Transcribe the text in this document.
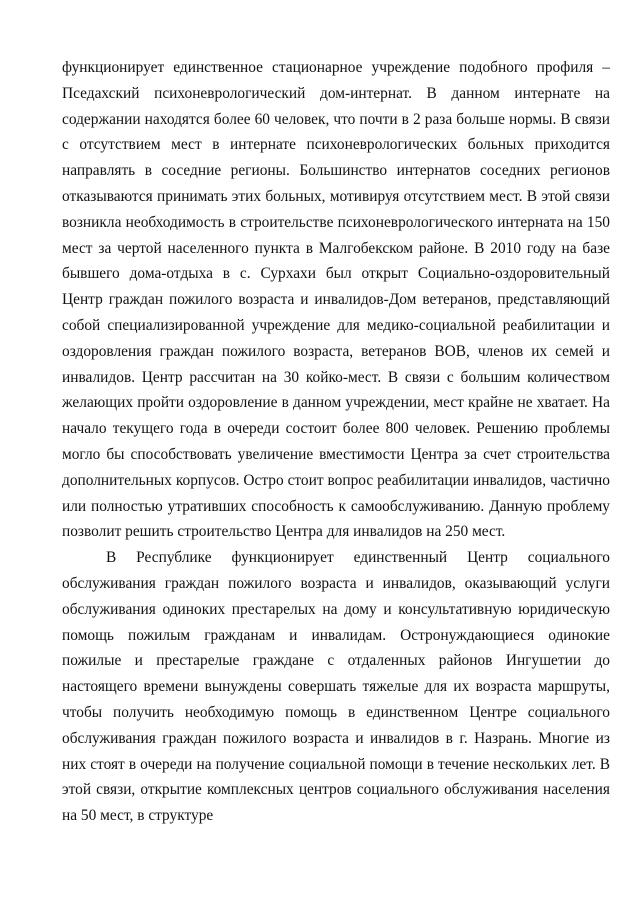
функционирует единственное стационарное учреждение подобного профиля – Пседахский психоневрологический дом-интернат. В данном интернате на содержании находятся более 60 человек, что почти в 2 раза больше нормы. В связи с отсутствием мест в интернате психоневрологических больных приходится направлять в соседние регионы. Большинство интернатов соседних регионов отказываются принимать этих больных, мотивируя отсутствием мест. В этой связи возникла необходимость в строительстве психоневрологического интерната на 150 мест за чертой населенного пункта в Малгобекском районе. В 2010 году на базе бывшего дома-отдыха в с. Сурхахи был открыт Социально-оздоровительный Центр граждан пожилого возраста и инвалидов-Дом ветеранов, представляющий собой специализированной учреждение для медико-социальной реабилитации и оздоровления граждан пожилого возраста, ветеранов ВОВ, членов их семей и инвалидов. Центр рассчитан на 30 койко-мест. В связи с большим количеством желающих пройти оздоровление в данном учреждении, мест крайне не хватает. На начало текущего года в очереди состоит более 800 человек. Решению проблемы могло бы способствовать увеличение вместимости Центра за счет строительства дополнительных корпусов. Остро стоит вопрос реабилитации инвалидов, частично или полностью утративших способность к самообслуживанию. Данную проблему позволит решить строительство Центра для инвалидов на 250 мест.

В Республике функционирует единственный Центр социального обслуживания граждан пожилого возраста и инвалидов, оказывающий услуги обслуживания одиноких престарелых на дому и консультативную юридическую помощь пожилым гражданам и инвалидам. Остронуждающиеся одинокие пожилые и престарелые граждане с отдаленных районов Ингушетии до настоящего времени вынуждены совершать тяжелые для их возраста маршруты, чтобы получить необходимую помощь в единственном Центре социального обслуживания граждан пожилого возраста и инвалидов в г. Назрань. Многие из них стоят в очереди на получение социальной помощи в течение нескольких лет. В этой связи, открытие комплексных центров социального обслуживания населения на 50 мест, в структуре
